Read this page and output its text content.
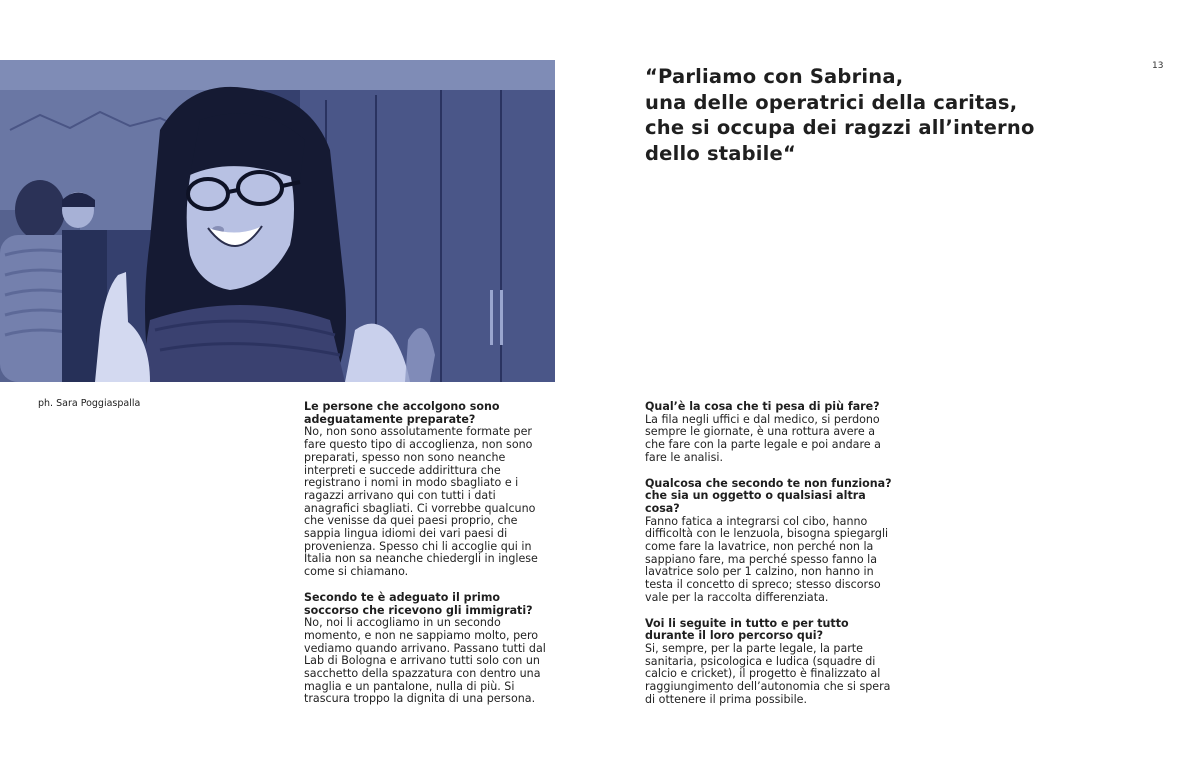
ph. Sara Poggiaspalla
13
“Parliamo con Sabrina,
una delle operatrici della caritas,
che si occupa dei ragzzi all’interno
dello stabile“

Le persone che accolgono sono adeguatamente preparate?

No, non sono assolutamente formate per fare questo tipo di accoglienza, non sono preparati, spesso non sono neanche interpreti e succede addirittura che registrano i nomi in modo sbagliato e i ragazzi arrivano qui con tutti i dati anagrafici sbagliati. Ci vorrebbe qualcuno che venisse da quei paesi proprio, che sappia lingua idiomi dei vari paesi di provenienza. Spesso chi li accoglie qui in Italia non sa neanche chiedergli in inglese come si chiamano.

Secondo te è adeguato il primo soccorso che ricevono gli immigrati?

No, noi li accogliamo in un secondo momento, e non ne sappiamo molto, pero vediamo quando arrivano. Passano tutti dal Lab di Bologna e arrivano tutti solo con un sacchetto della spazzatura con dentro una maglia e un pantalone, nulla di più. Si trascura troppo la dignita di una persona.

Qual’è la cosa che ti pesa di più fare?

La fila negli uffici e dal medico, si perdono sempre le giornate, è una rottura avere a che fare con la parte legale e poi andare a fare le analisi.

Qualcosa che secondo te non funziona? che sia un oggetto o qualsiasi altra cosa?

Fanno fatica a integrarsi col cibo, hanno difficoltà con le lenzuola, bisogna spiegargli come fare la lavatrice, non perché non la sappiano fare, ma perché spesso fanno la lavatrice solo per 1 calzino, non hanno in testa il concetto di spreco; stesso discorso vale per la raccolta differenziata.

Voi li seguite in tutto e per tutto durante il loro percorso qui?

Si, sempre, per la parte legale, la parte sanitaria, psicologica e ludica (squadre di calcio e cricket), il progetto è finalizzato al raggiungimento dell’autonomia che si spera di ottenere il prima possibile.
